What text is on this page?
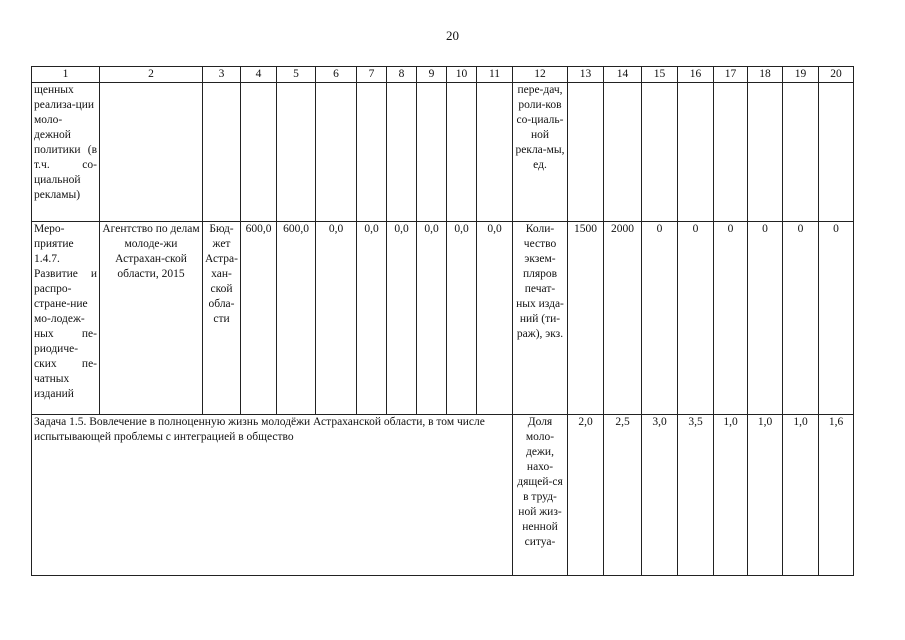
20
1	2	3	4	5	6	7	8	9	10	11	12	13	14	15	16	17	18	19	20
щенных реализа-ции моло-дежной политики (в т.ч. со-циальной рекламы)											пере-дач, роли-ков со-циаль-ной рекла-мы, ед.								
Меро-приятие 1.4.7. Развитие и распро-стране-ние мо-лодеж-ных пе-риодиче-ских пе-чатных изданий	Агентство по делам молоде-жи Астрахан-ской области, 2015	Бюд-жет Астра-хан-ской обла-сти	600,0	600,0	0,0	0,0	0,0	0,0	0,0	0,0	Коли-чество экзем-пляров печат-ных изда-ний (ти-раж), экз.	1500	2000	0	0	0	0	0	0
Задача 1.5. Вовлечение в полноценную жизнь молодёжи Астраханской области, в том числе испытывающей проблемы с интеграцией в общество											Доля моло-дежи, нахо-дящей-ся в труд-ной жиз-ненной ситуа-	2,0	2,5	3,0	3,5	1,0	1,0	1,0	1,6
